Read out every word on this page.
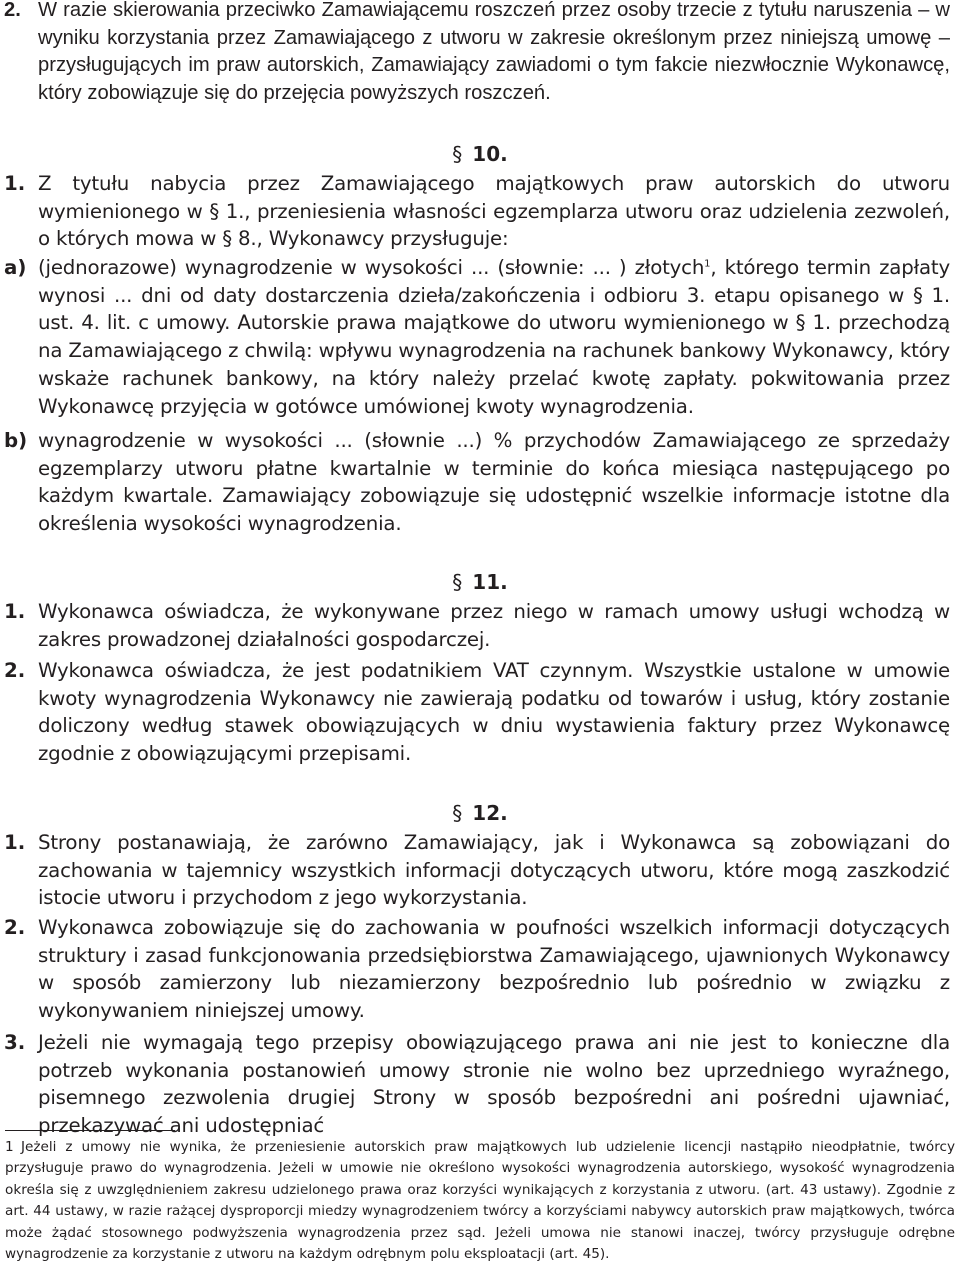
2. W razie skierowania przeciwko Zamawiającemu roszczeń przez osoby trzecie z tytułu naruszenia – w wyniku korzystania przez Zamawiającego z utworu w zakresie określonym przez niniejszą umowę – przysługujących im praw autorskich, Zamawiający zawiadomi o tym fakcie niezwłocznie Wykonawcę, który zobowiązuje się do przejęcia powyższych roszczeń.
§ 10.
1. Z tytułu nabycia przez Zamawiającego majątkowych praw autorskich do utworu wymienionego w § 1., przeniesienia własności egzemplarza utworu oraz udzielenia zezwoleń, o których mowa w § 8., Wykonawcy przysługuje:
a) (jednorazowe) wynagrodzenie w wysokości ... (słownie: ... ) złotych$^1$, którego termin zapłaty wynosi ... dni od daty dostarczenia dzieła/zakończenia i odbioru 3. etapu opisanego w § 1. ust. 4. lit. c umowy. Autorskie prawa majątkowe do utworu wymienionego w § 1. przechodzą na Zamawiającego z chwilą: wpływu wynagrodzenia na rachunek bankowy Wykonawcy, który wskaże rachunek bankowy, na który należy przelać kwotę zapłaty. pokwitowania przez Wykonawcę przyjęcia w gotówce umówionej kwoty wynagrodzenia.
b) wynagrodzenie w wysokości ... (słownie ...) % przychodów Zamawiającego ze sprzedaży egzemplarzy utworu płatne kwartalnie w terminie do końca miesiąca następującego po każdym kwartale. Zamawiający zobowiązuje się udostępnić wszelkie informacje istotne dla określenia wysokości wynagrodzenia.
§ 11.
1. Wykonawca oświadcza, że wykonywane przez niego w ramach umowy usługi wchodzą w zakres prowadzonej działalności gospodarczej.
2. Wykonawca oświadcza, że jest podatnikiem VAT czynnym. Wszystkie ustalone w umowie kwoty wynagrodzenia Wykonawcy nie zawierają podatku od towarów i usług, który zostanie doliczony według stawek obowiązujących w dniu wystawienia faktury przez Wykonawcę zgodnie z obowiązującymi przepisami.
§ 12.
1. Strony postanawiają, że zarówno Zamawiający, jak i Wykonawca są zobowiązani do zachowania w tajemnicy wszystkich informacji dotyczących utworu, które mogą zaszkodzić istocie utworu i przychodom z jego wykorzystania.
2. Wykonawca zobowiązuje się do zachowania w poufności wszelkich informacji dotyczących struktury i zasad funkcjonowania przedsiębiorstwa Zamawiającego, ujawnionych Wykonawcy w sposób zamierzony lub niezamierzony bezpośrednio lub pośrednio w związku z wykonywaniem niniejszej umowy.
3. Jeżeli nie wymagają tego przepisy obowiązującego prawa ani nie jest to konieczne dla potrzeb wykonania postanowień umowy stronie nie wolno bez uprzedniego wyraźnego, pisemnego zezwolenia drugiej Strony w sposób bezpośredni ani pośredni ujawniać, przekazywać ani udostępniać
1 Jeżeli z umowy nie wynika, że przeniesienie autorskich praw majątkowych lub udzielenie licencji nastąpiło nieodpłatnie, twórcy przysługuje prawo do wynagrodzenia. Jeżeli w umowie nie określono wysokości wynagrodzenia autorskiego, wysokość wynagrodzenia określa się z uwzględnieniem zakresu udzielonego prawa oraz korzyści wynikających z korzystania z utworu. (art. 43 ustawy). Zgodnie z art. 44 ustawy, w razie rażącej dysproporcji miedzy wynagrodzeniem twórcy a korzyściami nabywcy autorskich praw majątkowych, twórca może żądać stosownego podwyższenia wynagrodzenia przez sąd. Jeżeli umowa nie stanowi inaczej, twórcy przysługuje odrębne wynagrodzenie za korzystanie z utworu na każdym odrębnym polu eksploatacji (art. 45).
